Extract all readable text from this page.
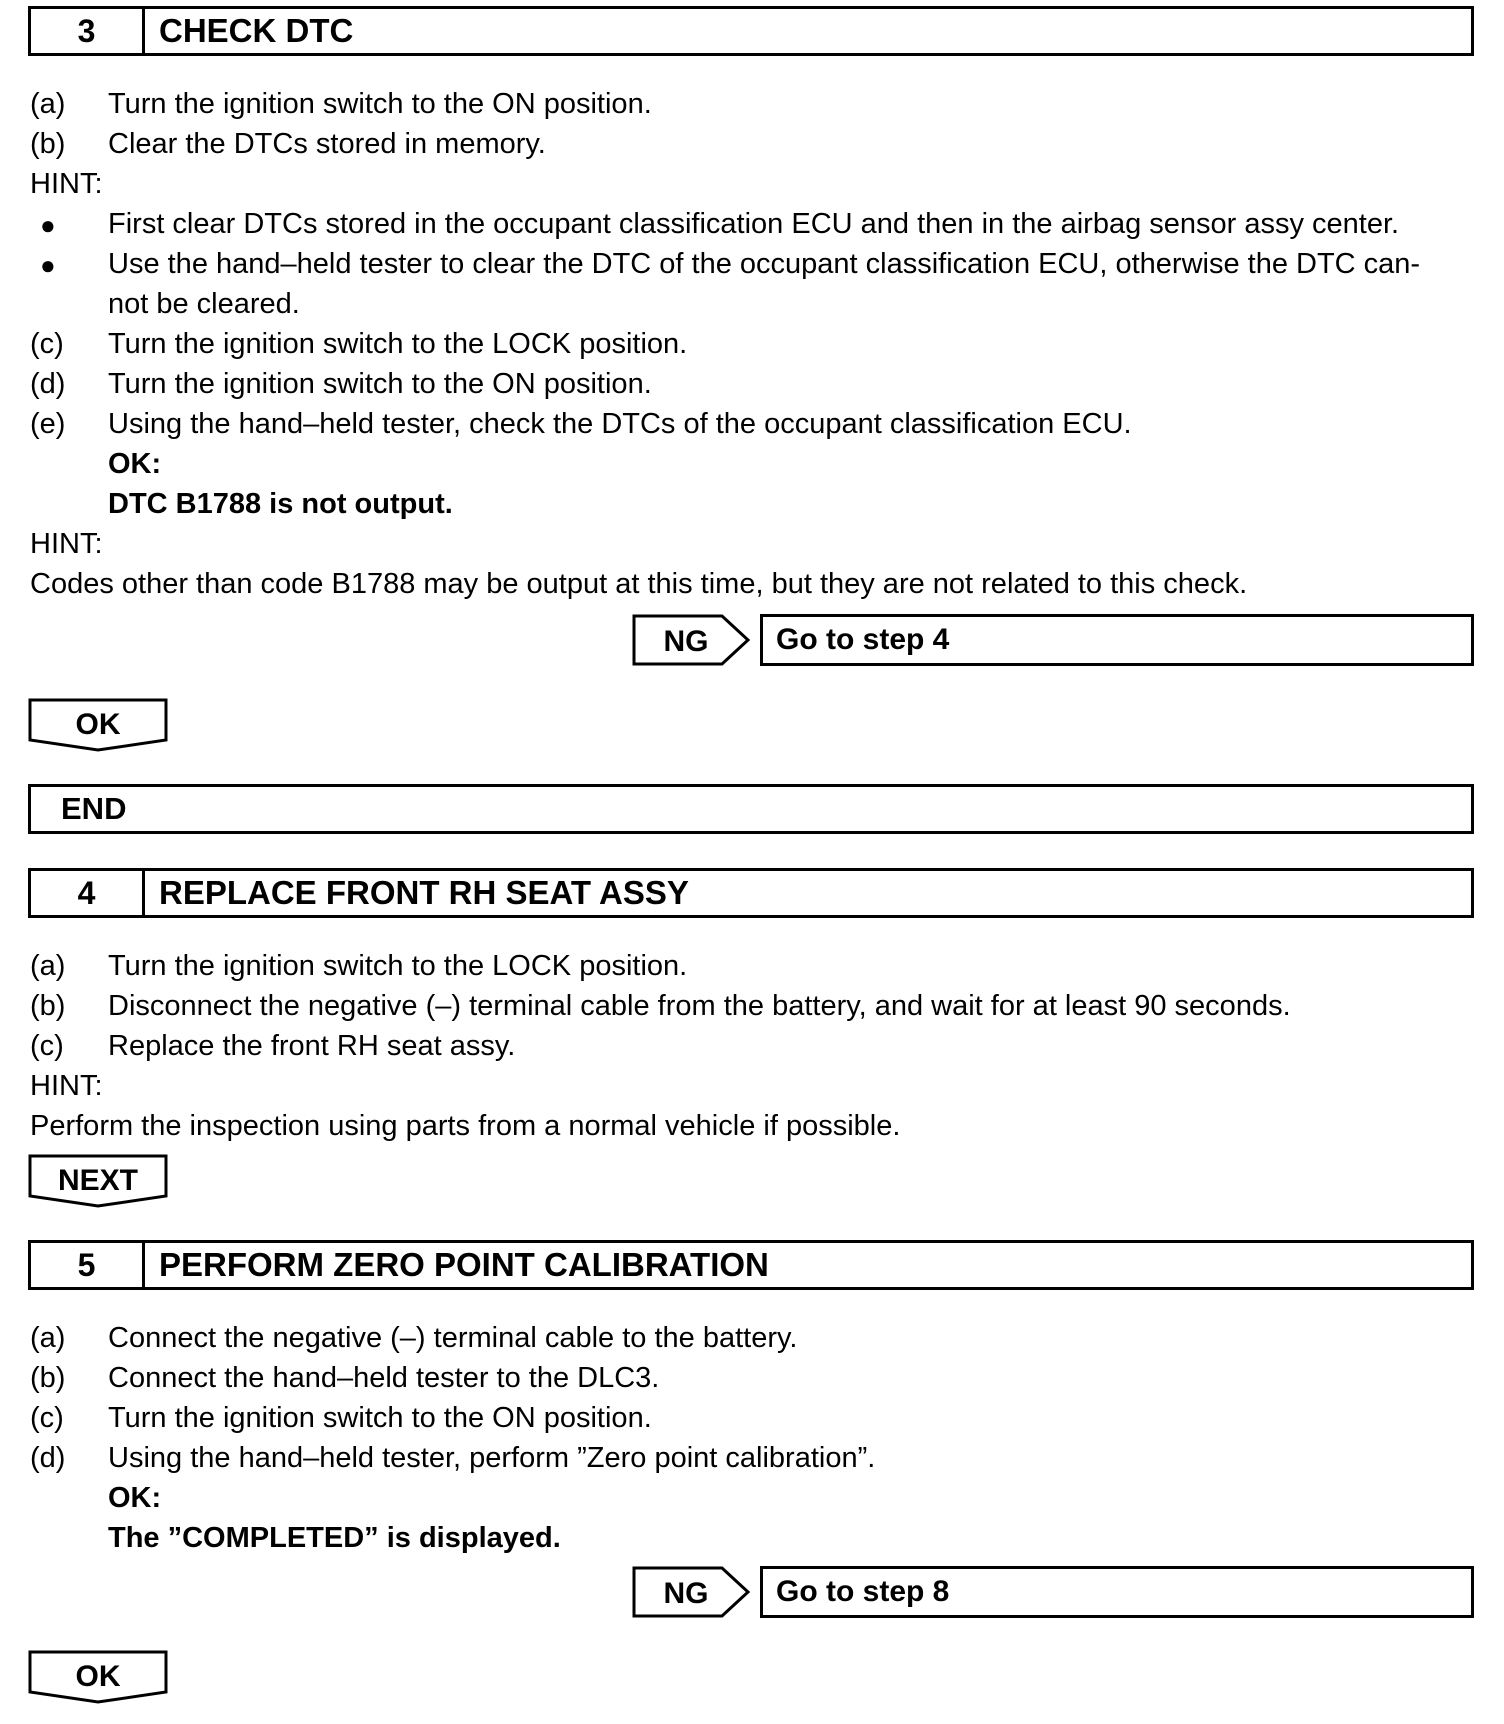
3	CHECK DTC
(a) Turn the ignition switch to the ON position.
(b) Clear the DTCs stored in memory.
HINT:
● First clear DTCs stored in the occupant classification ECU and then in the airbag sensor assy center.
● Use the hand–held tester to clear the DTC of the occupant classification ECU, otherwise the DTC can-
not be cleared.
(c) Turn the ignition switch to the LOCK position.
(d) Turn the ignition switch to the ON position.
(e) Using the hand–held tester, check the DTCs of the occupant classification ECU.
OK:
DTC B1788 is not output.
HINT:
Codes other than code B1788 may be output at this time, but they are not related to this check.
NG Go to step 4
OK
END
4	REPLACE FRONT RH SEAT ASSY
(a) Turn the ignition switch to the LOCK position.
(b) Disconnect the negative (–) terminal cable from the battery, and wait for at least 90 seconds.
(c) Replace the front RH seat assy.
HINT:
Perform the inspection using parts from a normal vehicle if possible.
NEXT
5	PERFORM ZERO POINT CALIBRATION
(a) Connect the negative (–) terminal cable to the battery.
(b) Connect the hand–held tester to the DLC3.
(c) Turn the ignition switch to the ON position.
(d) Using the hand–held tester, perform ”Zero point calibration”.
OK:
The ”COMPLETED” is displayed.
NG Go to step 8
OK
